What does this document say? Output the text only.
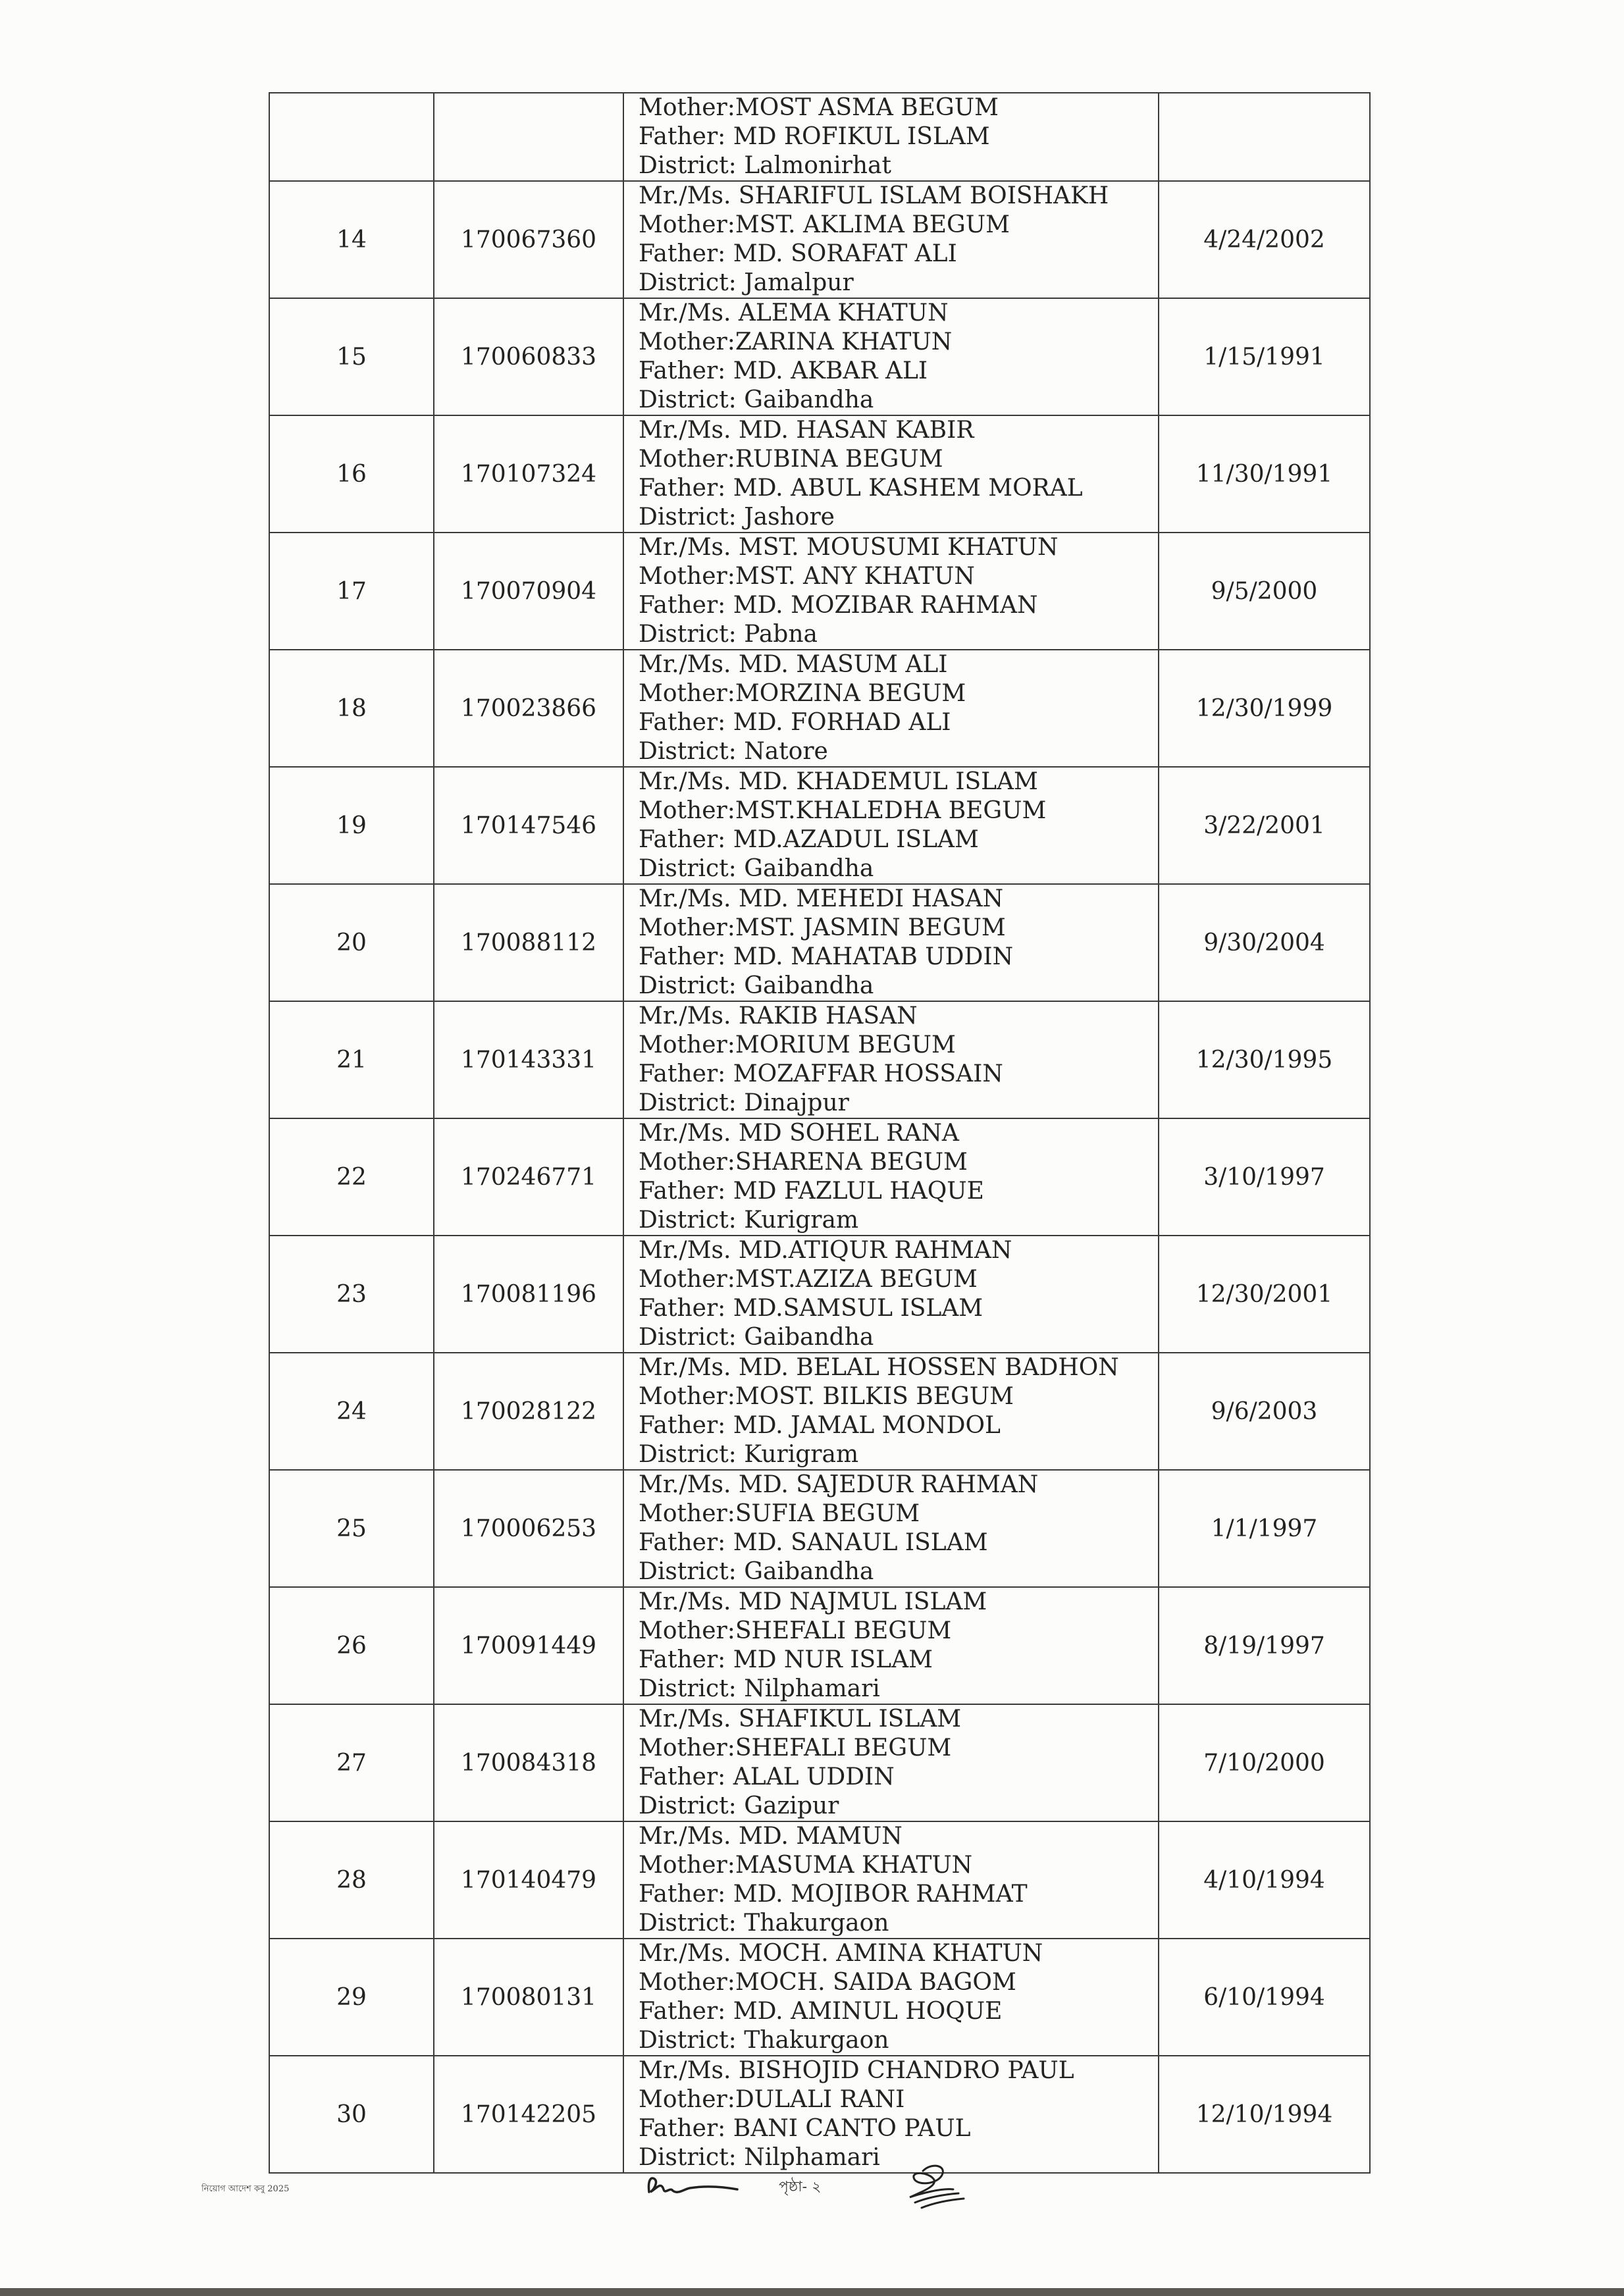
		Mother:MOST ASMA BEGUM
Father: MD ROFIKUL ISLAM
District: Lalmonirhat	

14	170067360	Mr./Ms. SHARIFUL ISLAM BOISHAKH
Mother:MST. AKLIMA BEGUM
Father: MD. SORAFAT ALI
District: Jamalpur	4/24/2002
15	170060833	Mr./Ms. ALEMA KHATUN
Mother:ZARINA KHATUN
Father: MD. AKBAR ALI
District: Gaibandha	1/15/1991
16	170107324	Mr./Ms. MD. HASAN KABIR
Mother:RUBINA BEGUM
Father: MD. ABUL KASHEM MORAL
District: Jashore	11/30/1991
17	170070904	Mr./Ms. MST. MOUSUMI KHATUN
Mother:MST. ANY KHATUN
Father: MD. MOZIBAR RAHMAN
District: Pabna	9/5/2000
18	170023866	Mr./Ms. MD. MASUM ALI
Mother:MORZINA BEGUM
Father: MD. FORHAD ALI
District: Natore	12/30/1999
19	170147546	Mr./Ms. MD. KHADEMUL ISLAM
Mother:MST.KHALEDHA BEGUM
Father: MD.AZADUL ISLAM
District: Gaibandha	3/22/2001
20	170088112	Mr./Ms. MD. MEHEDI HASAN
Mother:MST. JASMIN BEGUM
Father: MD. MAHATAB UDDIN
District: Gaibandha	9/30/2004
21	170143331	Mr./Ms. RAKIB HASAN
Mother:MORIUM BEGUM
Father: MOZAFFAR HOSSAIN
District: Dinajpur	12/30/1995
22	170246771	Mr./Ms. MD SOHEL RANA
Mother:SHARENA BEGUM
Father: MD FAZLUL HAQUE
District: Kurigram	3/10/1997
23	170081196	Mr./Ms. MD.ATIQUR RAHMAN
Mother:MST.AZIZA BEGUM
Father: MD.SAMSUL ISLAM
District: Gaibandha	12/30/2001
24	170028122	Mr./Ms. MD. BELAL HOSSEN BADHON
Mother:MOST. BILKIS BEGUM
Father: MD. JAMAL MONDOL
District: Kurigram	9/6/2003
25	170006253	Mr./Ms. MD. SAJEDUR RAHMAN
Mother:SUFIA BEGUM
Father: MD. SANAUL ISLAM
District: Gaibandha	1/1/1997
26	170091449	Mr./Ms. MD NAJMUL ISLAM
Mother:SHEFALI BEGUM
Father: MD NUR ISLAM
District: Nilphamari	8/19/1997
27	170084318	Mr./Ms. SHAFIKUL ISLAM
Mother:SHEFALI BEGUM
Father: ALAL UDDIN
District: Gazipur	7/10/2000
28	170140479	Mr./Ms. MD. MAMUN
Mother:MASUMA KHATUN
Father: MD. MOJIBOR RAHMAT
District: Thakurgaon	4/10/1994
29	170080131	Mr./Ms. MOCH. AMINA KHATUN
Mother:MOCH. SAIDA BAGOM
Father: MD. AMINUL HOQUE
District: Thakurgaon	6/10/1994
30	170142205	Mr./Ms. BISHOJID CHANDRO PAUL
Mother:DULALI RANI
Father: BANI CANTO PAUL
District: Nilphamari	12/10/1994
নিয়োগ আদেশ কবু 2025	পৃষ্ঠা- ২
